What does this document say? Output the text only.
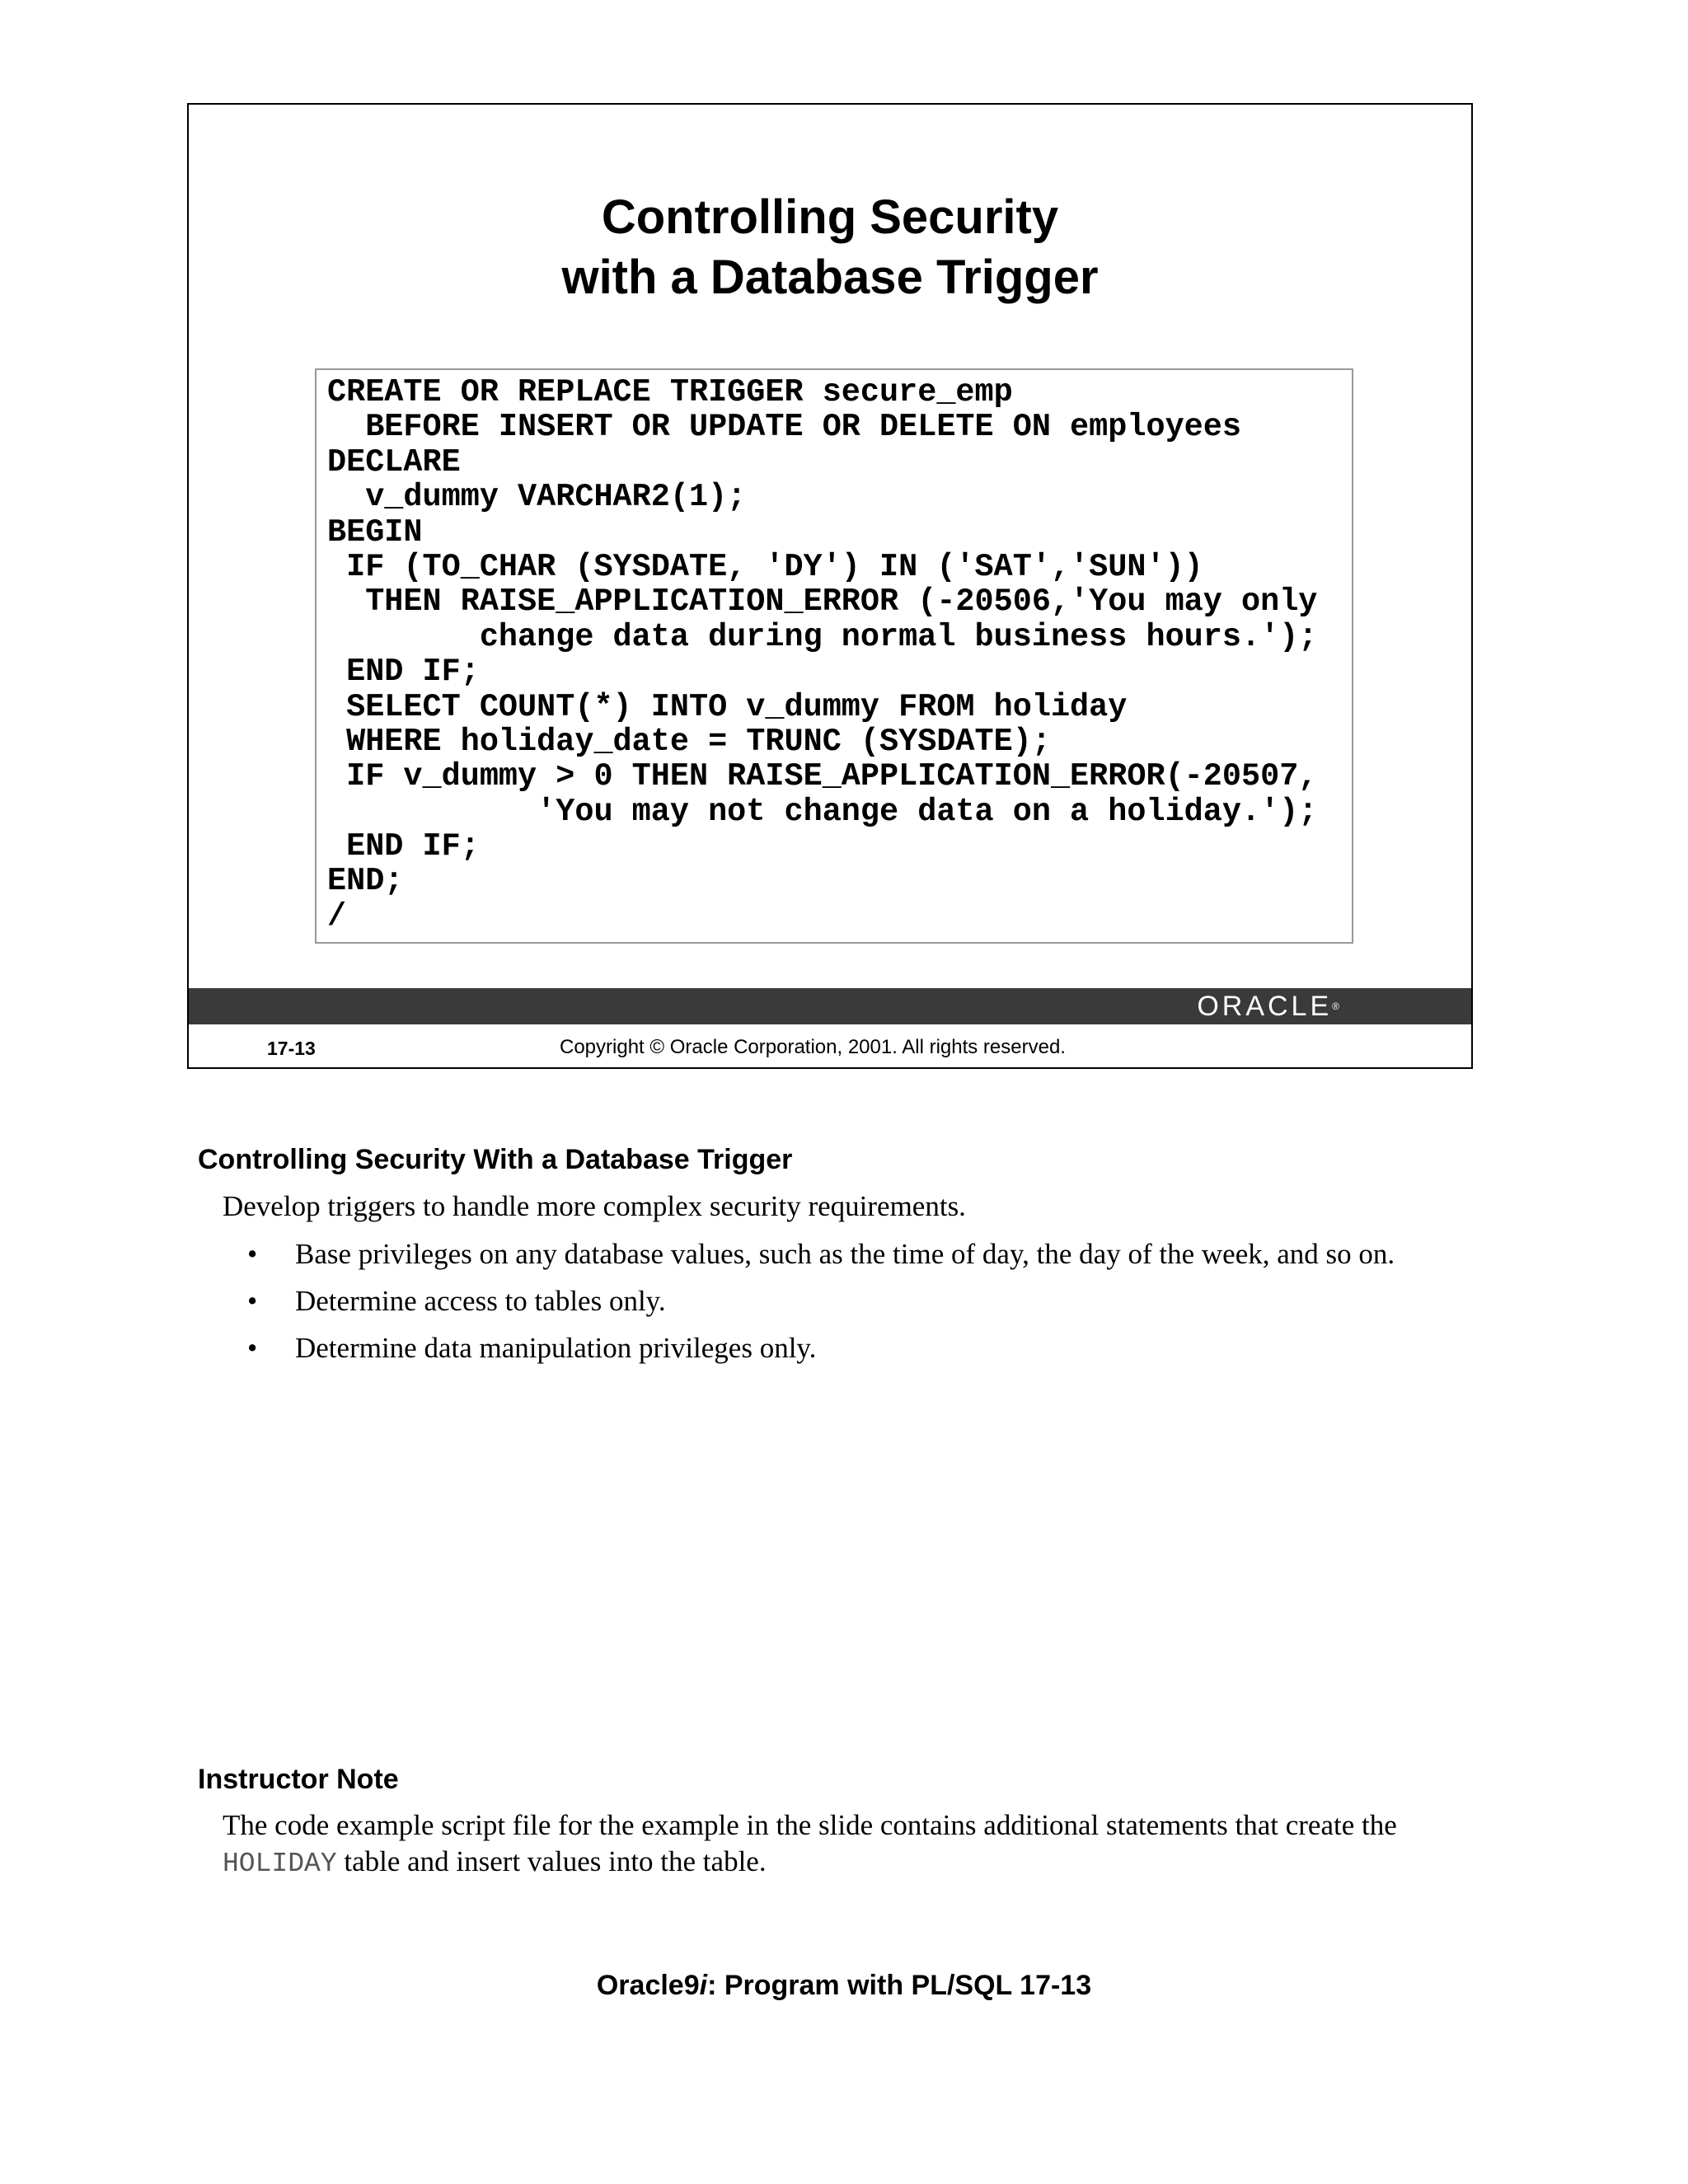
Controlling Security
with a Database Trigger
CREATE OR REPLACE TRIGGER secure_emp
BEFORE INSERT OR UPDATE OR DELETE ON employees
DECLARE
v_dummy VARCHAR2(1);
BEGIN
IF (TO_CHAR (SYSDATE, 'DY') IN ('SAT','SUN'))
THEN RAISE_APPLICATION_ERROR (-20506,'You may only
change data during normal business hours.');
END IF;
SELECT COUNT(*) INTO v_dummy FROM holiday
WHERE holiday_date = TRUNC (SYSDATE);
IF v_dummy > 0 THEN RAISE_APPLICATION_ERROR(-20507,
'You may not change data on a holiday.');
END IF;
END;
/
ORACLE®
17-13	Copyright © Oracle Corporation, 2001. All rights reserved.
Controlling Security With a Database Trigger
Develop triggers to handle more complex security requirements.
• Base privileges on any database values, such as the time of day, the day of the week, and so on.
• Determine access to tables only.
• Determine data manipulation privileges only.
Instructor Note
The code example script file for the example in the slide contains additional statements that create the
HOLIDAY table and insert values into the table.
Oracle9i: Program with PL/SQL 17-13
